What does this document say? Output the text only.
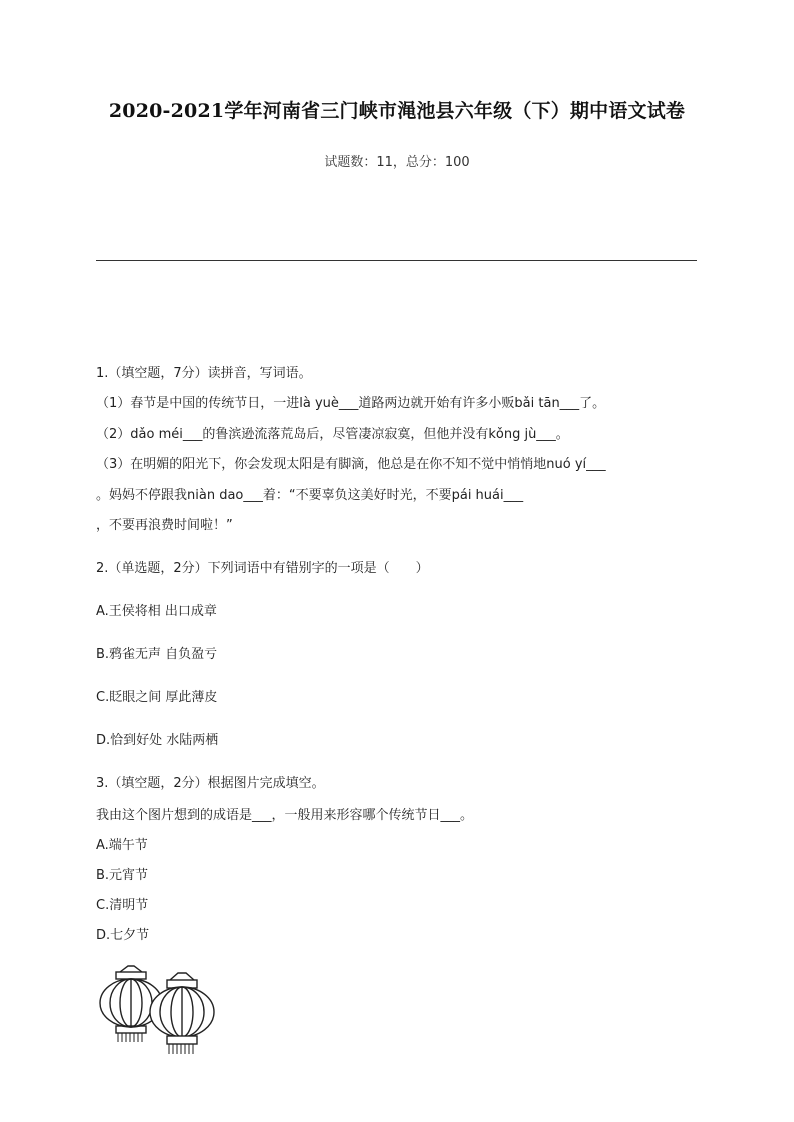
2020-2021学年河南省三门峡市渑池县六年级（下）期中语文试卷
试题数：11，总分：100
1.（填空题，7分）读拼音，写词语。
（1）春节是中国的传统节日，一进là yuè___道路两边就开始有许多小贩bǎi tān___了。
（2）dǎo méi___的鲁滨逊流落荒岛后，尽管凄凉寂寞，但他并没有kǒng jù___。
（3）在明媚的阳光下，你会发现太阳是有脚滴，他总是在你不知不觉中悄悄地nuó yí___
。妈妈不停跟我niàn dao___着：“不要辜负这美好时光，不要pái huái___
，不要再浪费时间啦！”
2.（单选题，2分）下列词语中有错别字的一项是（　　）
A.王侯将相 出口成章
B.鸦雀无声 自负盈亏
C.眨眼之间 厚此薄皮
D.恰到好处 水陆两栖
3.（填空题，2分）根据图片完成填空。
我由这个图片想到的成语是___，一般用来形容哪个传统节日___。
A.端午节
B.元宵节
C.清明节
D.七夕节
